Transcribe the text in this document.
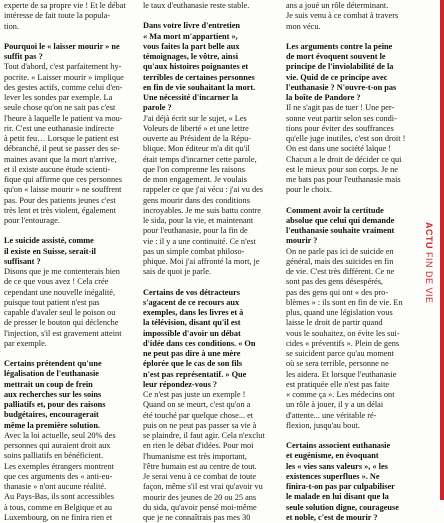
experte de sa propre vie ! Et le débat
intéresse de fait toute la popula-
tion.

Pourquoi le « laisser mourir » ne
suffit pas ?

Tout d'abord, c'est parfaitement hy-
pocrite. « Laisser mourir » implique
des gestes actifs, comme celui d'en-
lever les sondes par exemple. La
seule chose qu'on ne sait pas c'est
l'heure à laquelle le patient va mou-
rir. C'est une euthanasie indirecte
à petit feu… Lorsque le patient est
débranché, il peut se passer des se-
maines avant que la mort n'arrive,
et il existe aucune étude scienti-
fique qui affirme que ces personnes
qu'on « laisse mourir » ne souffrent
pas. Pour des patients jeunes c'est
très lent et très violent, également
pour l'entourage.

Le suicide assisté, comme
il existe en Suisse, serait-il
suffisant ?

Disons que je me contenterais bien
de ce que vous avez ! Cela crée
cependant une nouvelle inégalité,
puisque tout patient n'est pas
capable d'avaler seul le poison ou
de presser le bouton qui déclenche
l'injection, s'il est gravement atteint
par exemple.

Certains prétendent qu'une
légalisation de l'euthanasie
mettrait un coup de frein
aux recherches sur les soins
palliatifs et, pour des raisons
budgétaires, encouragerait
même la première solution.

Avec la loi actuelle, seul 20% des
personnes qui auraient droit aux
soins palliatifs en bénéficient.
Les exemples étrangers montrent
que ces arguments des « anti-eu-
thanasie » n'ont aucune réalité.
Au Pays-Bas, ils sont accessibles
à tous, comme en Belgique et au
Luxembourg, on ne finira rien et

le taux d'euthanasie reste stable.

Dans votre livre d'entretien
« Ma mort m'appartient »,
vous faites la part belle aux
témoignages, le vôtre, ainsi
qu'aux histoires poignantes et
terribles de certaines personnes
en fin de vie souhaitant la mort.
Une nécessité d'incarner la
parole ?

J'ai déjà écrit sur le sujet, « Les
Voleurs de liberté » et une lettre
ouverte au Président de la Répu-
blique. Mon éditeur m'a dit qu'il
était temps d'incarner cette parole,
que l'on comprenne les raisons
de mon engagement. Je voulais
rappeler ce que j'ai vécu : j'ai vu des
gens mourir dans des conditions
incroyables. Je me suis battu contre
le sida, pour la vie, et maintenant
pour l'euthanasie, pour la fin de
vie : il y a une continuité. Ce n'est
pas un simple combat philoso-
phique. Moi j'ai affronté la mort, je
sais de quoi je parle.

Certains de vos détracteurs
s'agacent de ce recours aux
exemples, dans les livres et à
la télévision, disant qu'il est
impossible d'avoir un débat
d'idée dans ces conditions. « On
ne peut pas dire à une mère
éplorée que le cas de son fils
n'est pas représentatif. » Que
leur répondez-vous ?

Ce n'est pas juste un exemple !
Quand on se meurt, c'est qu'on a
été touché par quelque chose... et
puis on ne peut pas passer sa vie à
se plaindre, il faut agir. Cela n'exclut
en rien le débat d'idées. Pour moi
l'humanisme est très important,
l'être humain est au centre de tout.
Je serai venu à ce combat de toute
façon, même s'il est vrai qu'avoir vu
mourir des jeunes de 20 ou 25 ans
du sida, qu'avoir pensé moi-même
que je ne connaîtrais pas mes 30

ans a joué un rôle déterminant.
Je suis venu à ce combat à travers
mon vécu.

Les arguments contre la peine
de mort évoquent souvent le
principe de l'inviolabilité de la
vie. Quid de ce principe avec
l'euthanasie ? N'ouvre-t-on pas
la boîte de Pandore ?

Il ne s'agit pas de tuer ! Une per-
sonne veut partir selon ses condi-
tions pour éviter des souffrances
qu'elle juge inutiles, c'est son droit !
On est dans une société laïque !
Chacun a le droit de décider ce qui
est le mieux pour son corps. Je ne
me bats pas pour l'euthanasie mais
pour le choix.

Comment avoir la certitude
absolue que celui qui demande
l'euthanasie souhaite vraiment
mourir ?

On ne parle pas ici de suicide en
général, mais des suicides en fin
de vie. C'est très différent. Ce ne
sont pas des gens désespérés,
pas des gens qui ont « des pro-
blèmes » : ils sont en fin de vie. En
plus, quand une législation vous
laisse le droit de partir quand
vous le souhaitez, on évite les sui-
cides « préventifs ». Plein de gens
se suicident parce qu'au moment
où se sera terrible, personne ne
les aidera. Et lorsque l'euthanasie
est pratiquée elle n'est pas faite
« comme ça ». Les médecins ont
un rôle à jouer, il y a un délai
d'attente... une véritable ré-
flexion, jusqu'au bout.

Certains associent euthanasie
et eugénisme, en évoquant
les « vies sans valeurs », « les
existences superflues ». Ne
finira-t-on pas par culpabiliser
le malade en lui disant que la
seule solution digne, courageuse
et noble, c'est de mourir ?

ACTU FIN DE VIE
